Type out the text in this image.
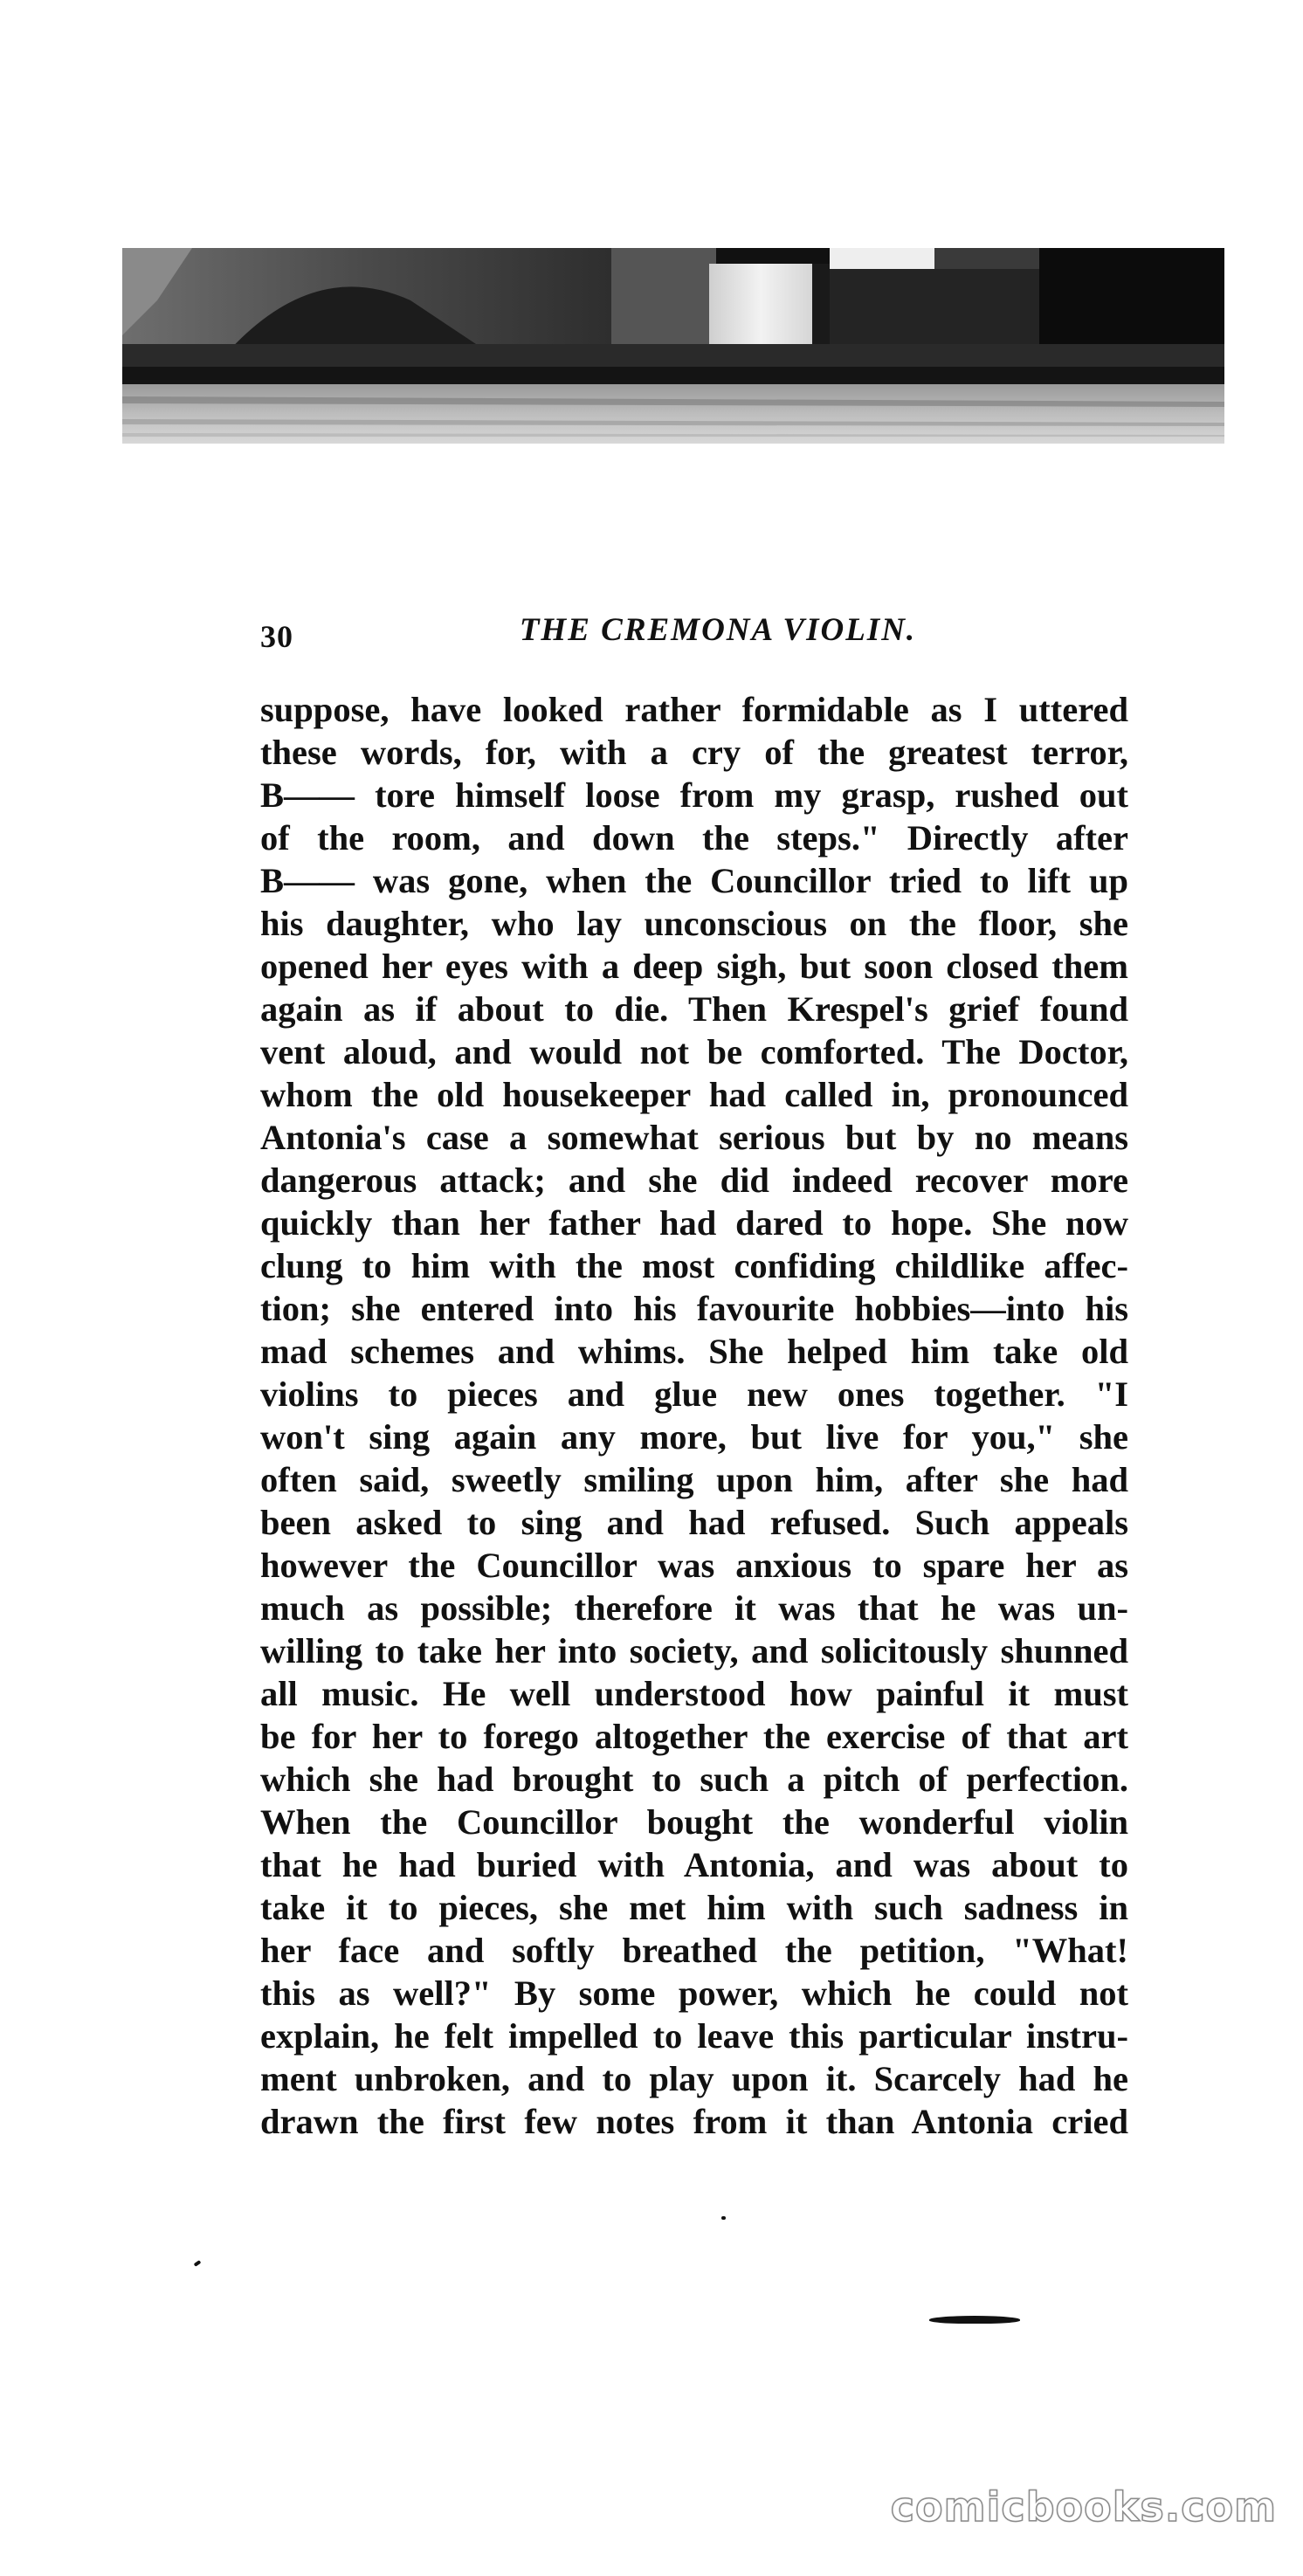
30	THE CREMONA VIOLIN.
suppose, have looked rather formidable as I uttered
these words, for, with a cry of the greatest terror,
B—— tore himself loose from my grasp, rushed out
of the room, and down the steps." Directly after
B—— was gone, when the Councillor tried to lift up
his daughter, who lay unconscious on the floor, she
opened her eyes with a deep sigh, but soon closed them
again as if about to die. Then Krespel's grief found
vent aloud, and would not be comforted. The Doctor,
whom the old housekeeper had called in, pronounced
Antonia's case a somewhat serious but by no means
dangerous attack; and she did indeed recover more
quickly than her father had dared to hope. She now
clung to him with the most confiding childlike affec-
tion; she entered into his favourite hobbies—into his
mad schemes and whims. She helped him take old
violins to pieces and glue new ones together. "I
won't sing again any more, but live for you," she
often said, sweetly smiling upon him, after she had
been asked to sing and had refused. Such appeals
however the Councillor was anxious to spare her as
much as possible; therefore it was that he was un-
willing to take her into society, and solicitously shunned
all music. He well understood how painful it must
be for her to forego altogether the exercise of that art
which she had brought to such a pitch of perfection.
When the Councillor bought the wonderful violin
that he had buried with Antonia, and was about to
take it to pieces, she met him with such sadness in
her face and softly breathed the petition, "What!
this as well?" By some power, which he could not
explain, he felt impelled to leave this particular instru-
ment unbroken, and to play upon it. Scarcely had he
drawn the first few notes from it than Antonia cried
comicbooks.com
